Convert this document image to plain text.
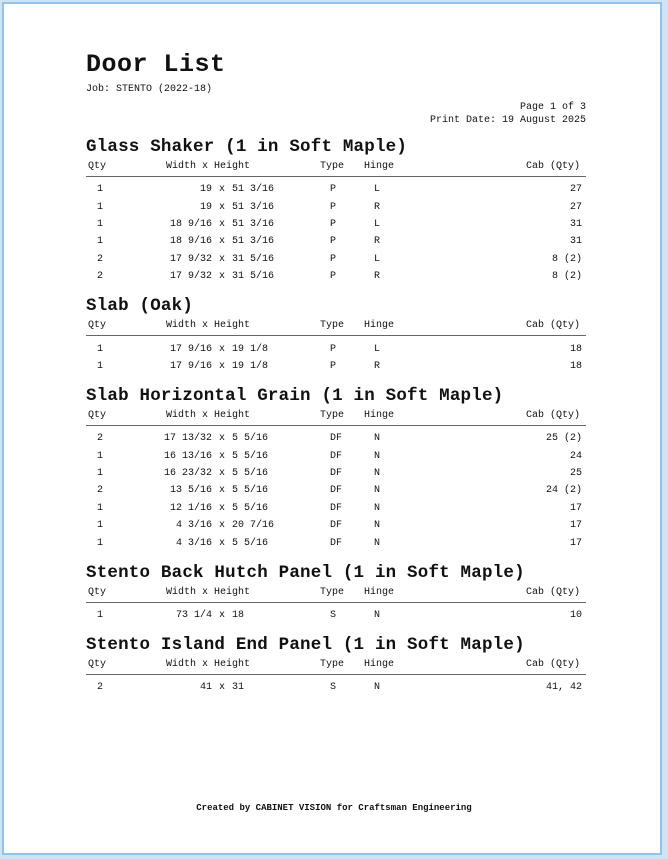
Door List
Job: STENTO (2022-18)
Page 1 of 3
Print Date: 19 August 2025
Glass Shaker (1 in Soft Maple)
Qty	Width x Height	Type	Hinge	Cab (Qty)
1	19 x 51 3/16	P	L	27
1	19 x 51 3/16	P	R	27
1	18 9/16 x 51 3/16	P	L	31
1	18 9/16 x 51 3/16	P	R	31
2	17 9/32 x 31 5/16	P	L	8 (2)
2	17 9/32 x 31 5/16	P	R	8 (2)
Slab (Oak)
Qty	Width x Height	Type	Hinge	Cab (Qty)
1	17 9/16 x 19 1/8	P	L	18
1	17 9/16 x 19 1/8	P	R	18
Slab Horizontal Grain (1 in Soft Maple)
Qty	Width x Height	Type	Hinge	Cab (Qty)
2	17 13/32 x 5 5/16	DF	N	25 (2)
1	16 13/16 x 5 5/16	DF	N	24
1	16 23/32 x 5 5/16	DF	N	25
2	13 5/16 x 5 5/16	DF	N	24 (2)
1	12 1/16 x 5 5/16	DF	N	17
1	4 3/16 x 20 7/16	DF	N	17
1	4 3/16 x 5 5/16	DF	N	17
Stento Back Hutch Panel (1 in Soft Maple)
Qty	Width x Height	Type	Hinge	Cab (Qty)
1	73 1/4 x 18	S	N	10
Stento Island End Panel (1 in Soft Maple)
Qty	Width x Height	Type	Hinge	Cab (Qty)
2	41 x 31	S	N	41, 42
Created by CABINET VISION for Craftsman Engineering
